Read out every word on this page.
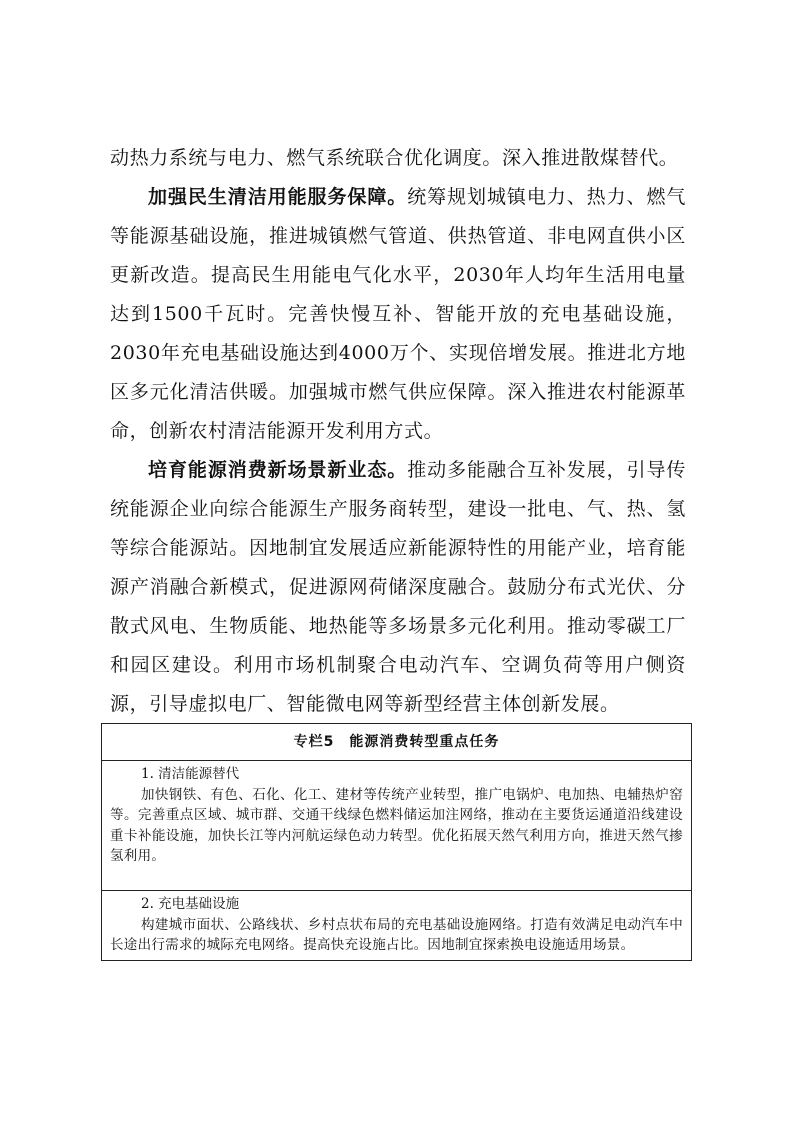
动热力系统与电力、燃气系统联合优化调度。深入推进散煤替代。

加强民生清洁用能服务保障。统筹规划城镇电力、热力、燃气等能源基础设施，推进城镇燃气管道、供热管道、非电网直供小区更新改造。提高民生用能电气化水平，2030年人均年生活用电量达到1500千瓦时。完善快慢互补、智能开放的充电基础设施，2030年充电基础设施达到4000万个、实现倍增发展。推进北方地区多元化清洁供暖。加强城市燃气供应保障。深入推进农村能源革命，创新农村清洁能源开发利用方式。

培育能源消费新场景新业态。推动多能融合互补发展，引导传统能源企业向综合能源生产服务商转型，建设一批电、气、热、氢等综合能源站。因地制宜发展适应新能源特性的用能产业，培育能源产消融合新模式，促进源网荷储深度融合。鼓励分布式光伏、分散式风电、生物质能、地热能等多场景多元化利用。推动零碳工厂和园区建设。利用市场机制聚合电动汽车、空调负荷等用户侧资源，引导虚拟电厂、智能微电网等新型经营主体创新发展。

专栏5　能源消费转型重点任务
1. 清洁能源替代
加快钢铁、有色、石化、化工、建材等传统产业转型，推广电锅炉、电加热、电辅热炉窑等。完善重点区域、城市群、交通干线绿色燃料储运加注网络，推动在主要货运通道沿线建设重卡补能设施，加快长江等内河航运绿色动力转型。优化拓展天然气利用方向，推进天然气掺氢利用。
2. 充电基础设施
构建城市面状、公路线状、乡村点状布局的充电基础设施网络。打造有效满足电动汽车中长途出行需求的城际充电网络。提高快充设施占比。因地制宜探索换电设施适用场景。
